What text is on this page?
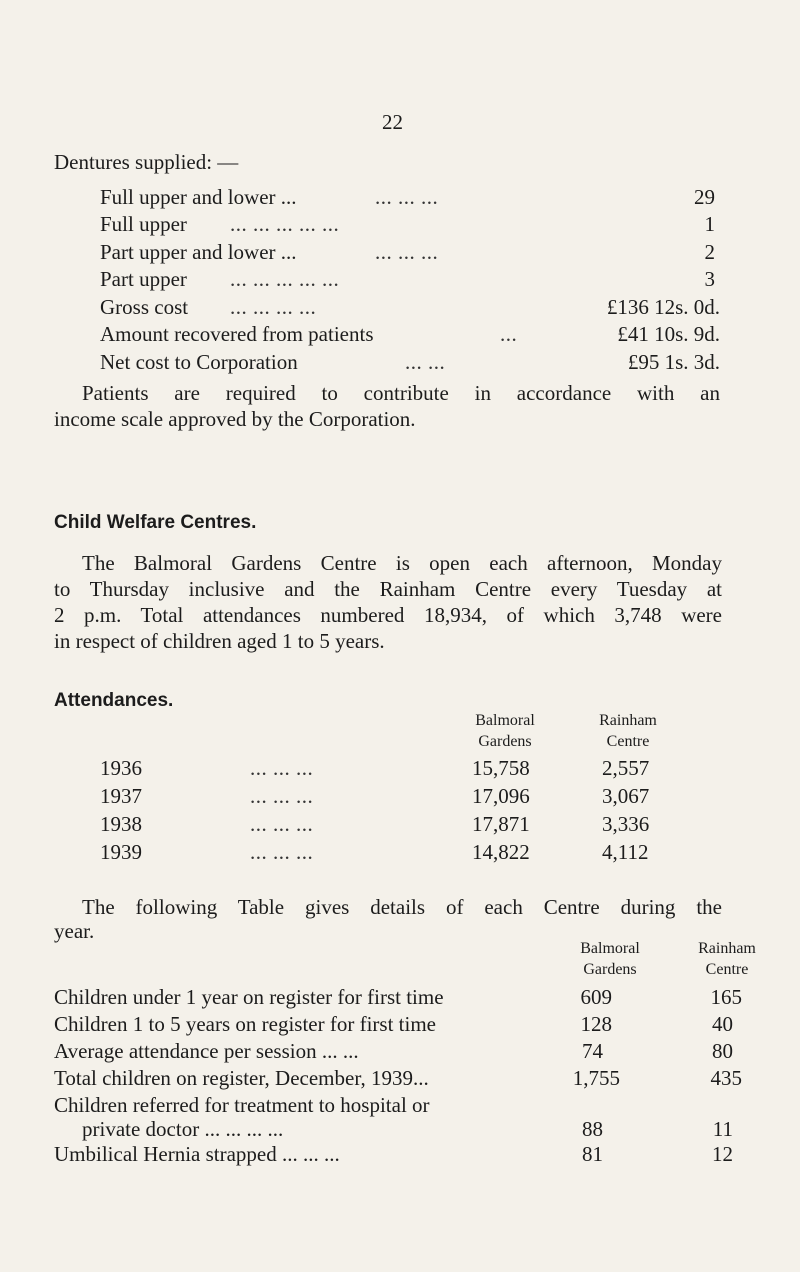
22
Dentures supplied: —
Full upper and lower ...	... ... ...	29
Full upper ... ... ... ... ...	1
Part upper and lower ...	... ... ...	2
Part upper ... ... ... ... ...	3
Gross cost ... ... ... ...	£136 12s. 0d.
Amount recovered from patients	...	£41 10s. 9d.
Net cost to Corporation	... ...	£95 1s. 3d.
Patients are required to contribute in accordance with an
income scale approved by the Corporation.
Child Welfare Centres.
The Balmoral Gardens Centre is open each afternoon, Monday
to Thursday inclusive and the Rainham Centre every Tuesday at
2 p.m. Total attendances numbered 18,934, of which 3,748 were
in respect of children aged 1 to 5 years.
Attendances.
Balmoral
Gardens
Rainham
Centre
1936	... ... ...	15,758	2,557
1937	... ... ...	17,096	3,067
1938	... ... ...	17,871	3,336
1939	... ... ...	14,822	4,112
The following Table gives details of each Centre during the
year.
Balmoral
Gardens
Rainham
Centre
Children under 1 year on register for first time	609	165
Children 1 to 5 years on register for first time	128	40
Average attendance per session ... ...	74	80
Total children on register, December, 1939...	1,755	435
Children referred for treatment to hospital or
private doctor ... ... ... ...	88	11
Umbilical Hernia strapped ... ... ...	81	12
